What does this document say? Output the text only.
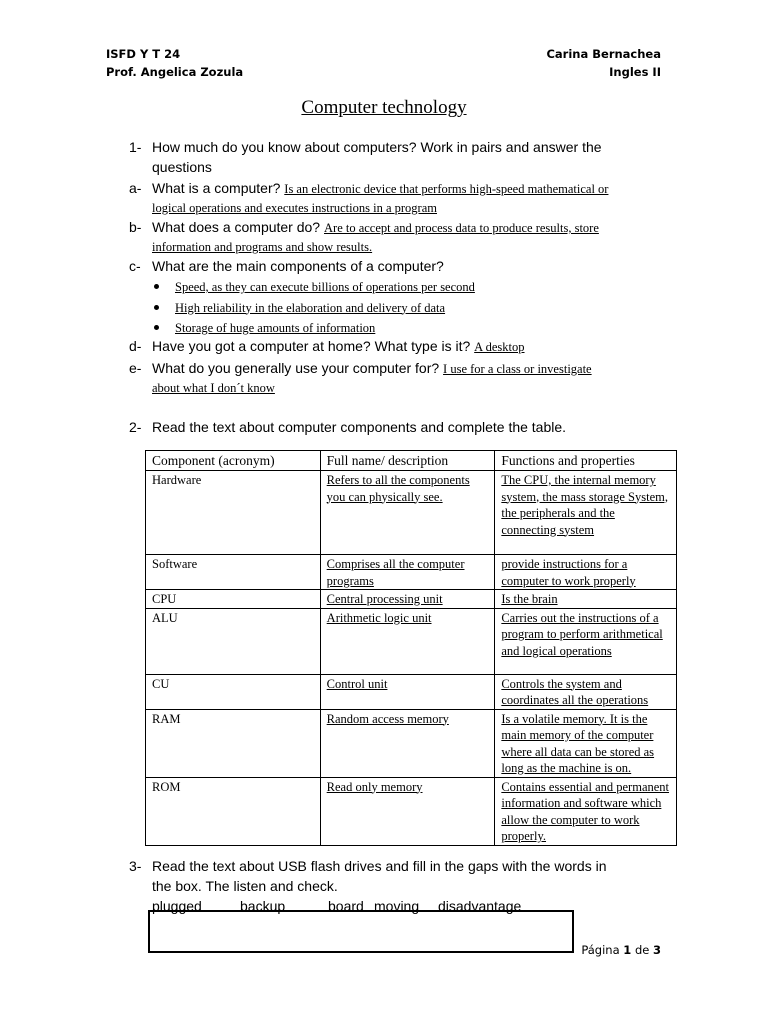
ISFD Y T 24
Prof. Angelica Zozula
Carina Bernachea
Ingles II
Computer technology
1- How much do you know about computers? Work in pairs and answer the
questions
a- What is a computer? Is an electronic device that performs high-speed mathematical or
logical operations and executes instructions in a program
b- What does a computer do? Are to accept and process data to produce results, store
information and programs and show results.
c- What are the main components of a computer?
Speed, as they can execute billions of operations per second
High reliability in the elaboration and delivery of data
Storage of huge amounts of information
d- Have you got a computer at home? What type is it? A desktop
e- What do you generally use your computer for? I use for a class or investigate
about what I don´t know
2- Read the text about computer components and complete the table.
Component (acronym)	Full name/ description	Functions and properties
Hardware	Refers to all the components you can physically see.	The CPU, the internal memory system, the mass storage System, the peripherals and the connecting system
Software	Comprises all the computer programs	provide instructions for a computer to work properly
CPU	Central processing unit	Is the brain
ALU	Arithmetic logic unit	Carries out the instructions of a program to perform arithmetical and logical operations
CU	Control unit	Controls the system and coordinates all the operations
RAM	Random access memory	Is a volatile memory. It is the main memory of the computer where all data can be stored as long as the machine is on.
ROM	Read only memory	Contains essential and permanent information and software which allow the computer to work properly.
3- Read the text about USB flash drives and fill in the gaps with the words in
the box. The listen and check.
plugged	backup	board moving disadvantage
Página 1 de 3
